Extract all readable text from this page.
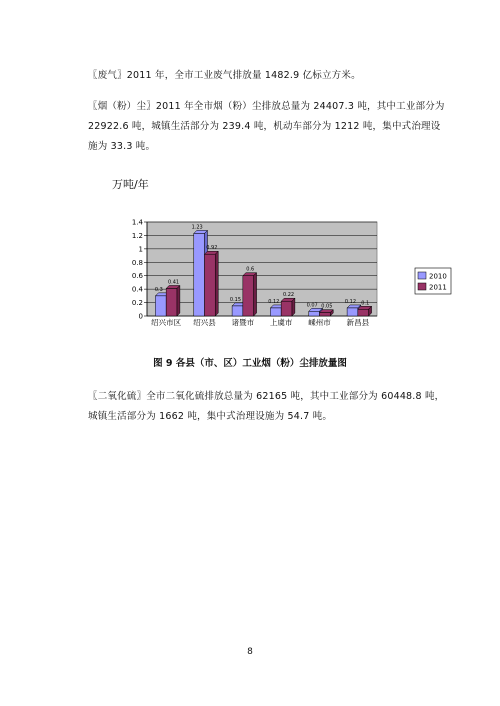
〖废气〗2011 年，全市工业废气排放量 1482.9 亿标立方米。
〖烟（粉）尘〗2011 年全市烟（粉）尘排放总量为 24407.3 吨，其中工业部分为 22922.6 吨，城镇生活部分为 239.4 吨，机动车部分为 1212 吨，集中式治理设施为 33.3 吨。
万吨/年
0
0.2
0.4
0.6
0.8
1
1.2
1.4
0.3
0.41
绍兴市区
1.23
0.92
绍兴县
0.15
0.6
诸暨市
0.12
0.22
上虞市
0.07 0.05
嵊州市
0.12 0.1
新昌县
2010
2011
图 9 各县（市、区）工业烟（粉）尘排放量图
〖二氧化硫〗全市二氧化硫排放总量为 62165 吨，其中工业部分为 60448.8 吨，城镇生活部分为 1662 吨，集中式治理设施为 54.7 吨。
8
